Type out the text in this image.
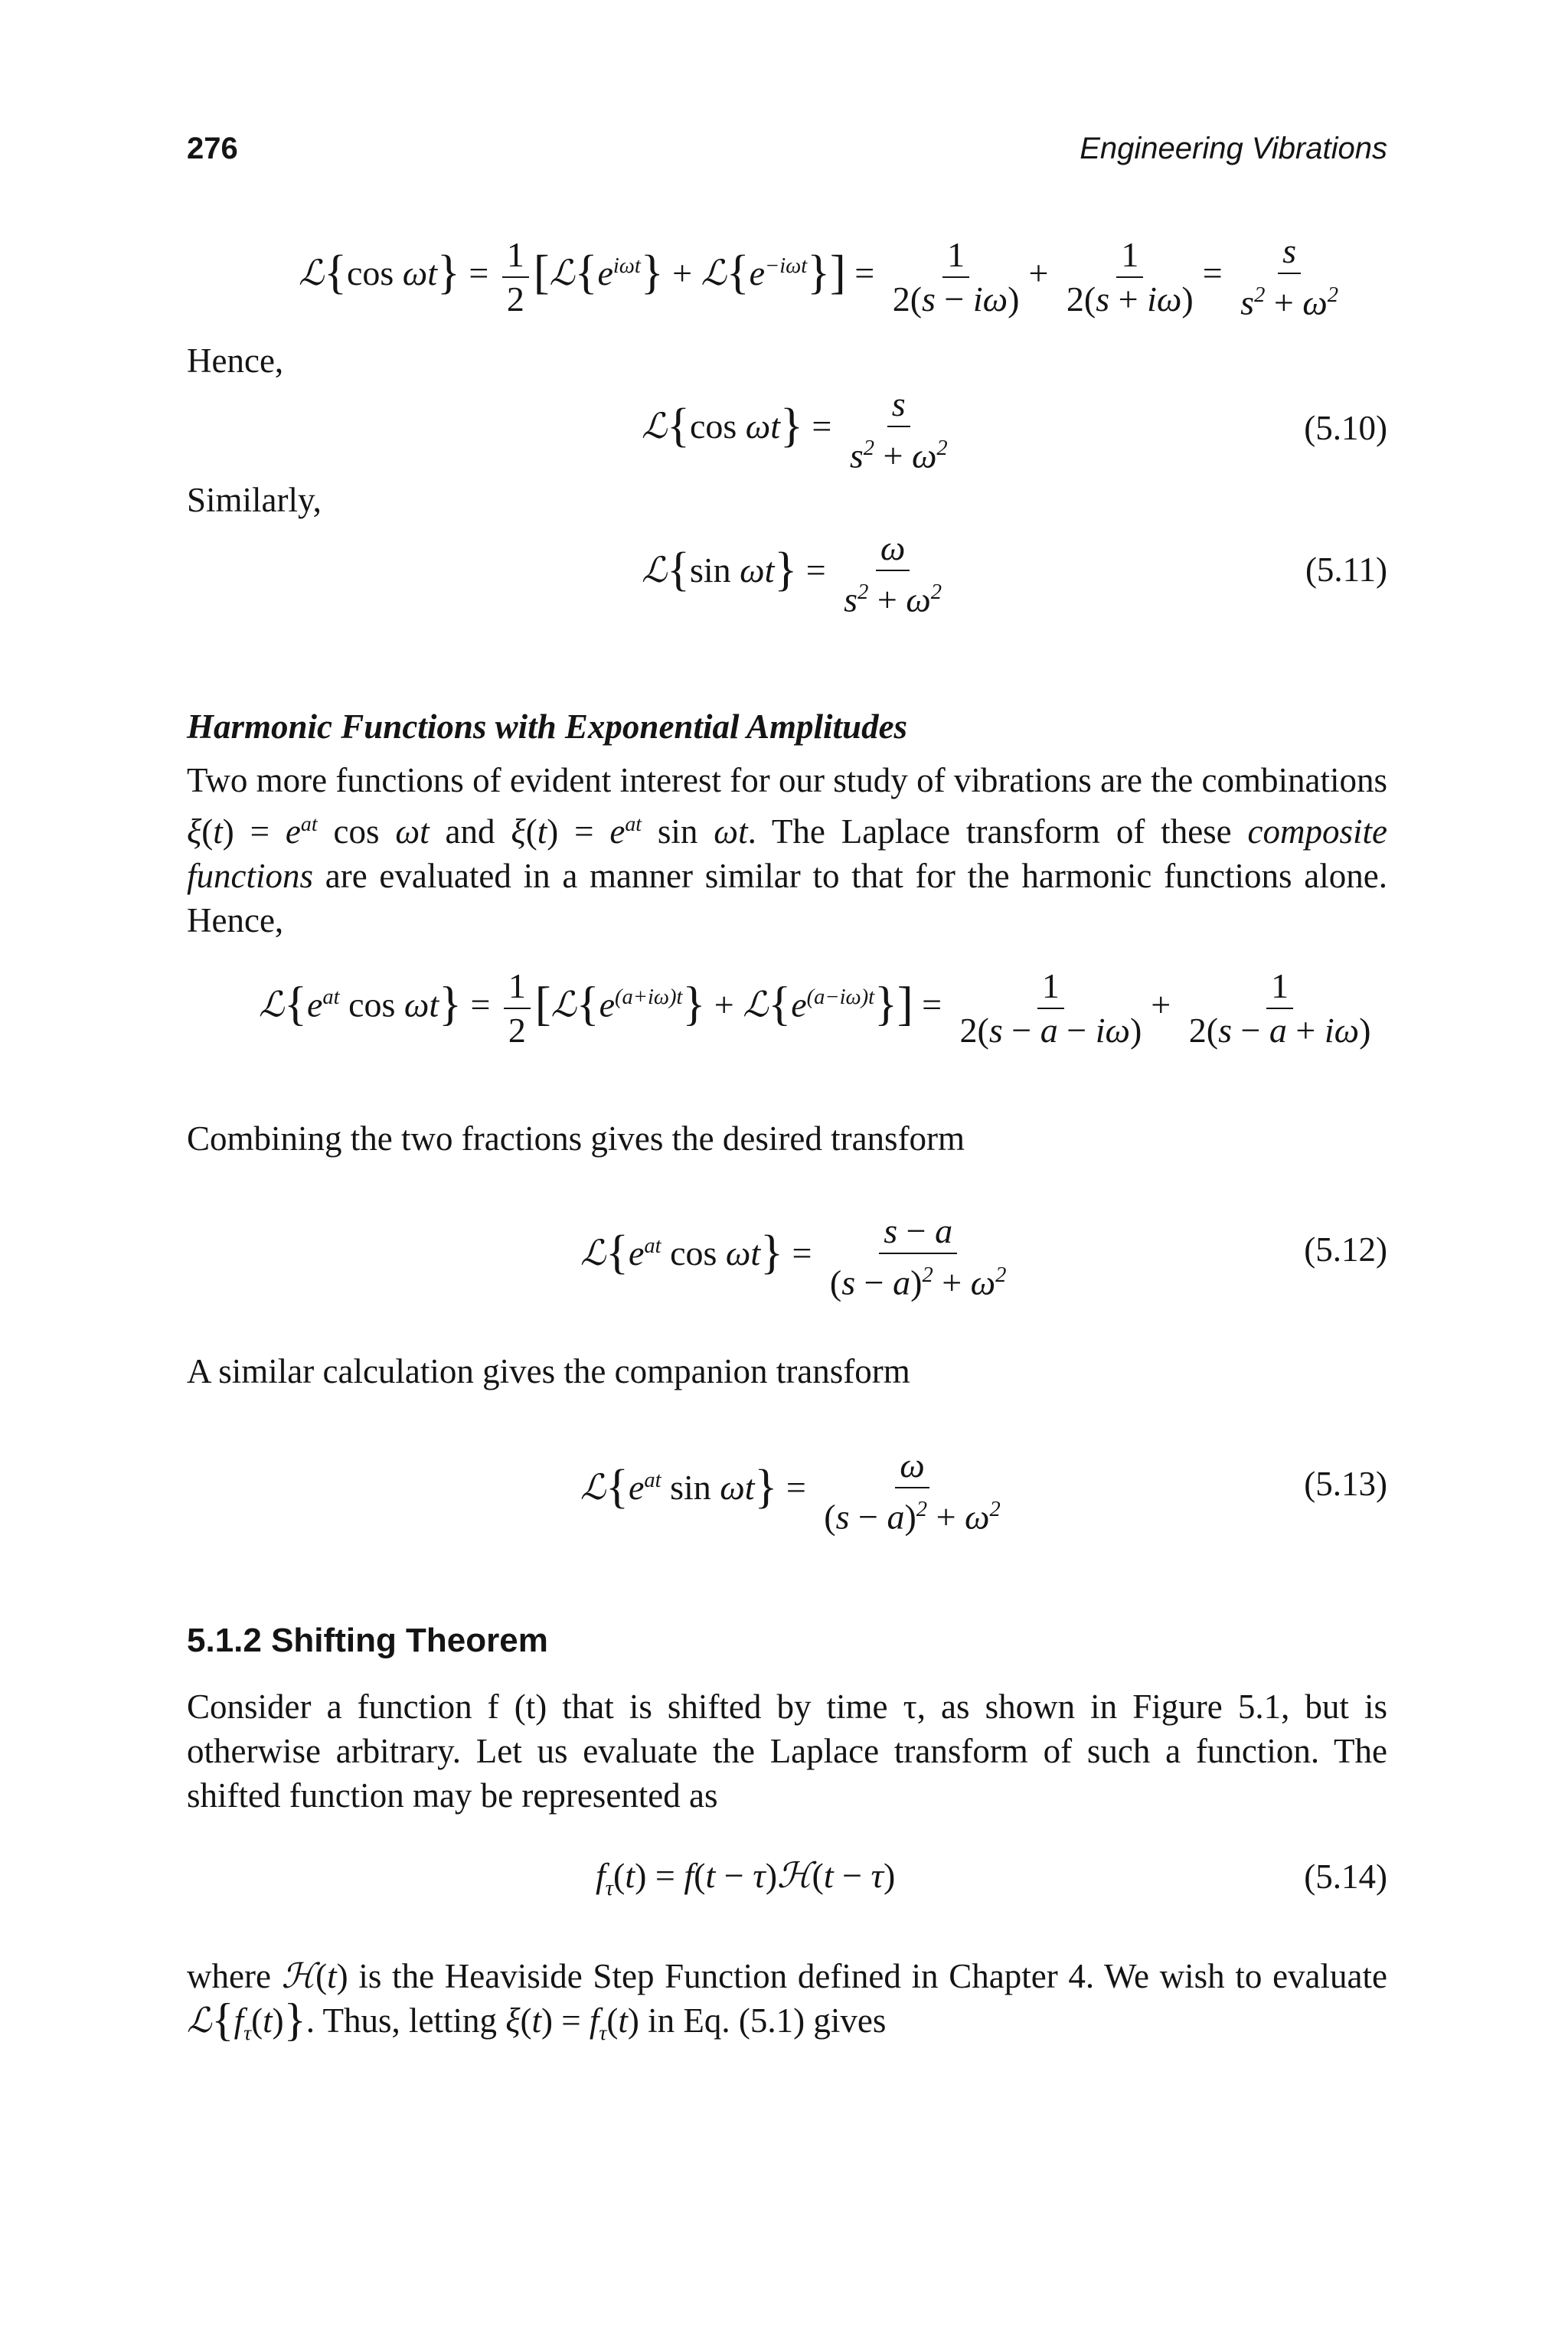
276	Engineering Vibrations
ℒ{cos $\omega t\} = \frac{1}{2}$ [$ℒ\{e^{i\omega t}\}$ + $ℒ\{e^{-i\omega t}\}] = \frac{1}{2(s - i\omega)} + \frac{1}{2(s + i\omega)} = \frac{s}{s^2 + \omega^2}$
Hence,
ℒ{cos $\omega t\} = \frac{s}{s^2 + \omega^2}$	(5.10)
Similarly,
ℒ{sin $\omega t\} = \frac{\omega}{s^2 + \omega^2}$	(5.11)
Harmonic Functions with Exponential Amplitudes
Two more functions of evident interest for our study of vibrations are the combinations $\xi(t) = e^{at}$ cos ωt and $\xi(t) = e^{at}$ sin ωt. The Laplace transform of these composite functions are evaluated in a manner similar to that for the harmonic functions alone. Hence,
$ℒ\{e^{at}$ $\cos \omega t\} = \frac{1}{2}$ [$ℒ\{e^{(a+i\omega)t}\}$ + $ℒ\{e^{(a-i\omega)t}\}] = \frac{1}{2(s - a - i\omega)} + \frac{1}{2(s - a + i\omega)}$
Combining the two fractions gives the desired transform
$ℒ\{e^{at}$ $\cos \omega t\} = \frac{s - a}{(s - a)^2 + \omega^2}$	(5.12)
A similar calculation gives the companion transform
$ℒ\{e^{at}$ $\sin \omega t\} = \frac{\omega}{(s - a)^2 + \omega^2}$	(5.13)
5.1.2 Shifting Theorem
Consider a function f (t) that is shifted by time τ, as shown in Figure 5.1, but is otherwise arbitrary. Let us evaluate the Laplace transform of such a function. The shifted function may be represented as
$f_\tau(t) = f(t$ − τ)ℋ(t − τ)	(5.14)
where ℋ(t) is the Heaviside Step Function defined in Chapter 4. We wish to evaluate $ℒ\{f_\tau(t)\}$. Thus, letting $\xi(t) = f_\tau(t)$ in Eq. (5.1) gives
